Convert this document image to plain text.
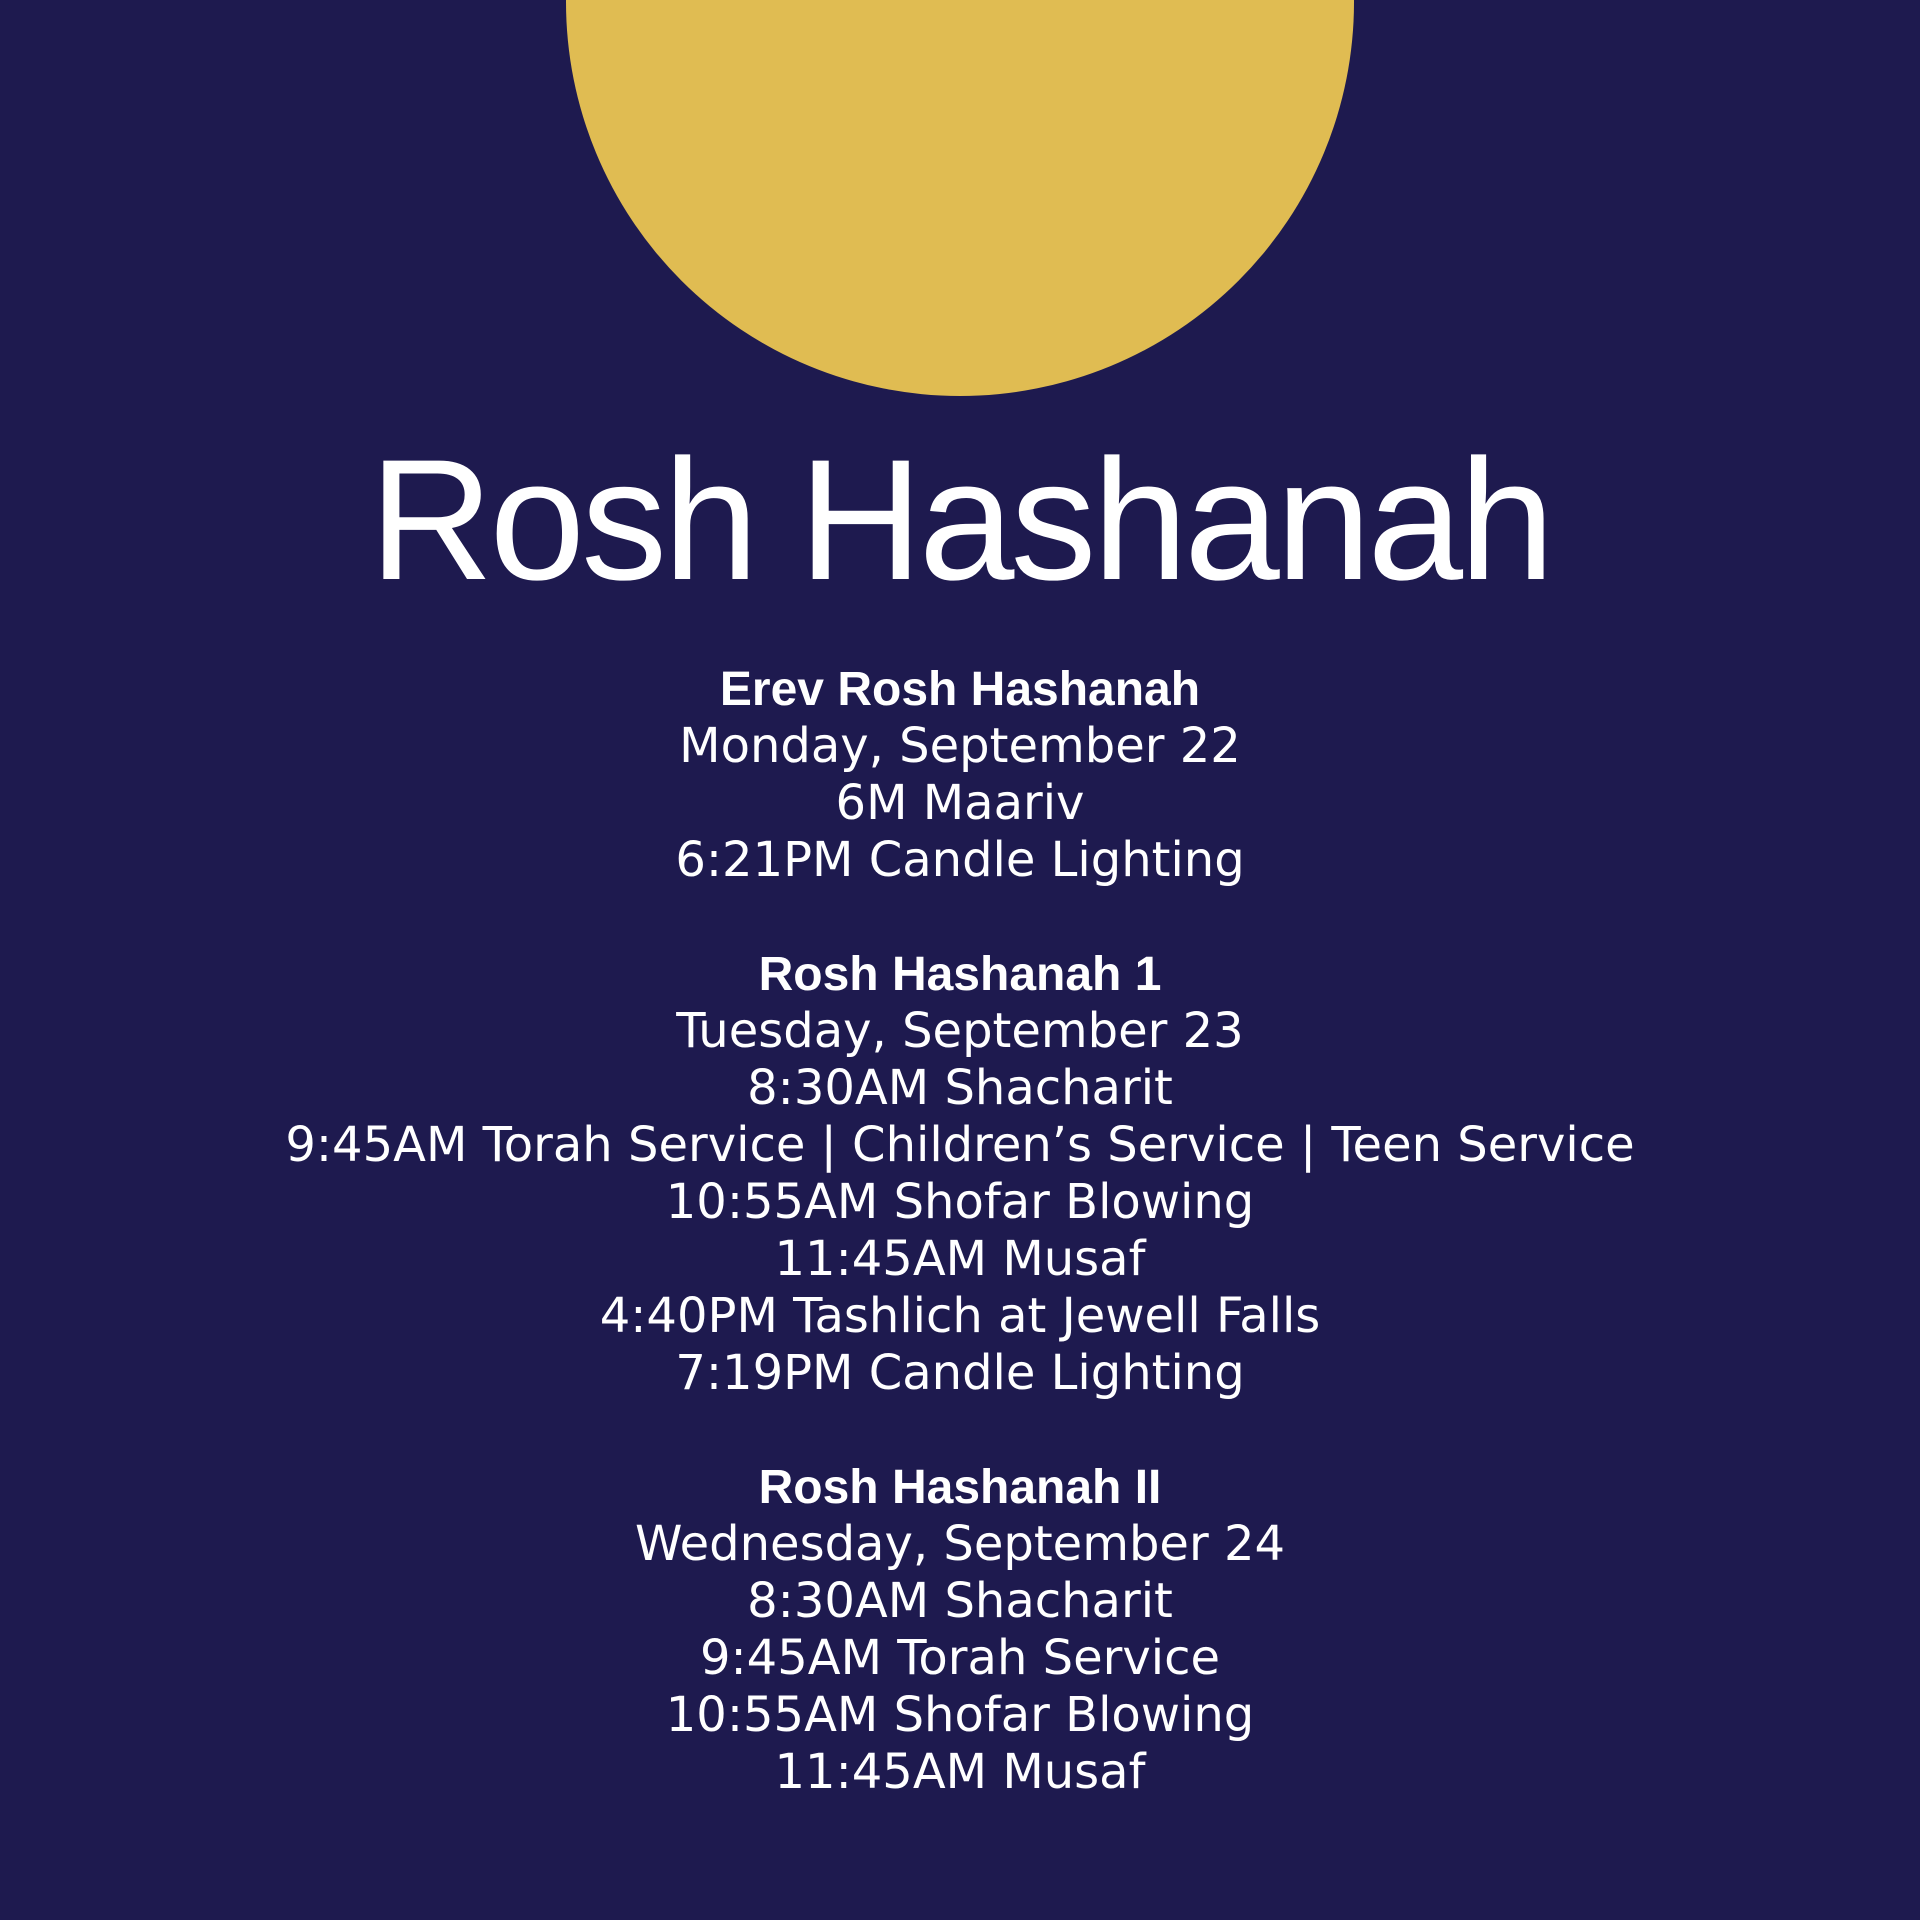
Rosh Hashanah
Erev Rosh Hashanah
Monday, September 22
6M Maariv
6:21PM Candle Lighting
Rosh Hashanah 1
Tuesday, September 23
8:30AM Shacharit
9:45AM Torah Service | Children’s Service | Teen Service
10:55AM Shofar Blowing
11:45AM Musaf
4:40PM Tashlich at Jewell Falls
7:19PM Candle Lighting
Rosh Hashanah II
Wednesday, September 24
8:30AM Shacharit
9:45AM Torah Service
10:55AM Shofar Blowing
11:45AM Musaf
